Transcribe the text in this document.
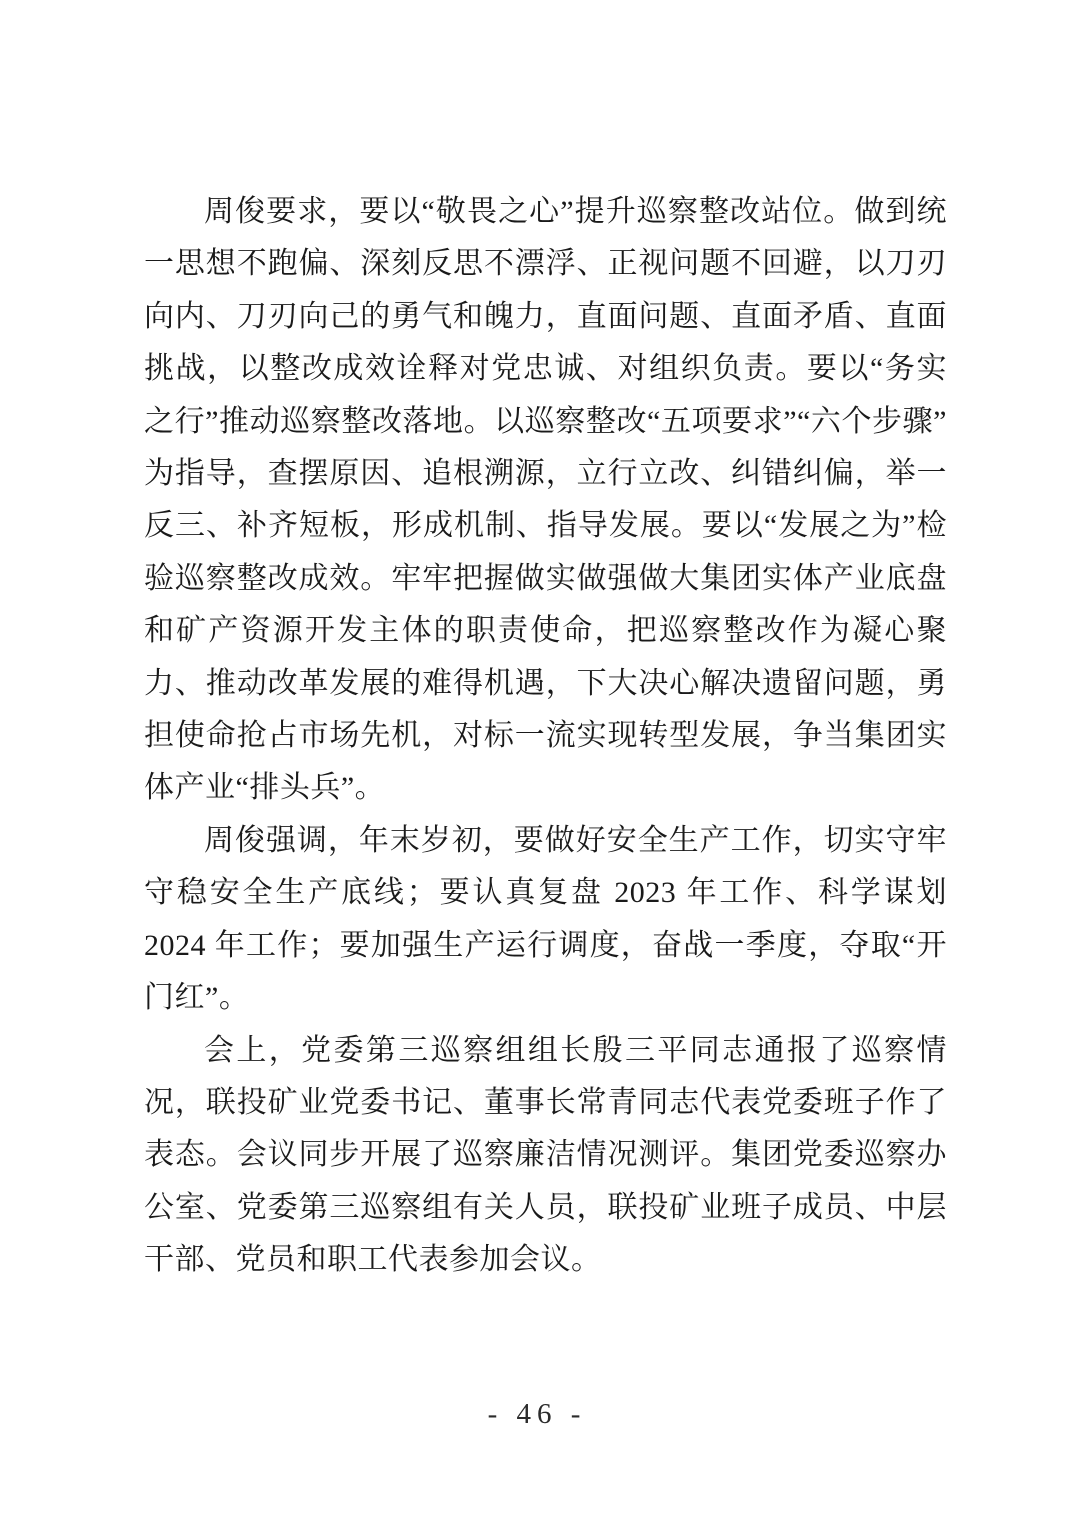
周俊要求，要以“敬畏之心”提升巡察整改站位。做到统一思想不跑偏、深刻反思不漂浮、正视问题不回避，以刀刃向内、刀刃向己的勇气和魄力，直面问题、直面矛盾、直面挑战，以整改成效诠释对党忠诚、对组织负责。要以“务实之行”推动巡察整改落地。以巡察整改“五项要求”“六个步骤”为指导，查摆原因、追根溯源，立行立改、纠错纠偏，举一反三、补齐短板，形成机制、指导发展。要以“发展之为”检验巡察整改成效。牢牢把握做实做强做大集团实体产业底盘和矿产资源开发主体的职责使命，把巡察整改作为凝心聚力、推动改革发展的难得机遇，下大决心解决遗留问题，勇担使命抢占市场先机，对标一流实现转型发展，争当集团实体产业“排头兵”。

周俊强调，年末岁初，要做好安全生产工作，切实守牢守稳安全生产底线；要认真复盘 2023 年工作、科学谋划 2024 年工作；要加强生产运行调度，奋战一季度，夺取“开门红”。

会上，党委第三巡察组组长殷三平同志通报了巡察情况，联投矿业党委书记、董事长常青同志代表党委班子作了表态。会议同步开展了巡察廉洁情况测评。集团党委巡察办公室、党委第三巡察组有关人员，联投矿业班子成员、中层干部、党员和职工代表参加会议。

- 46 -
